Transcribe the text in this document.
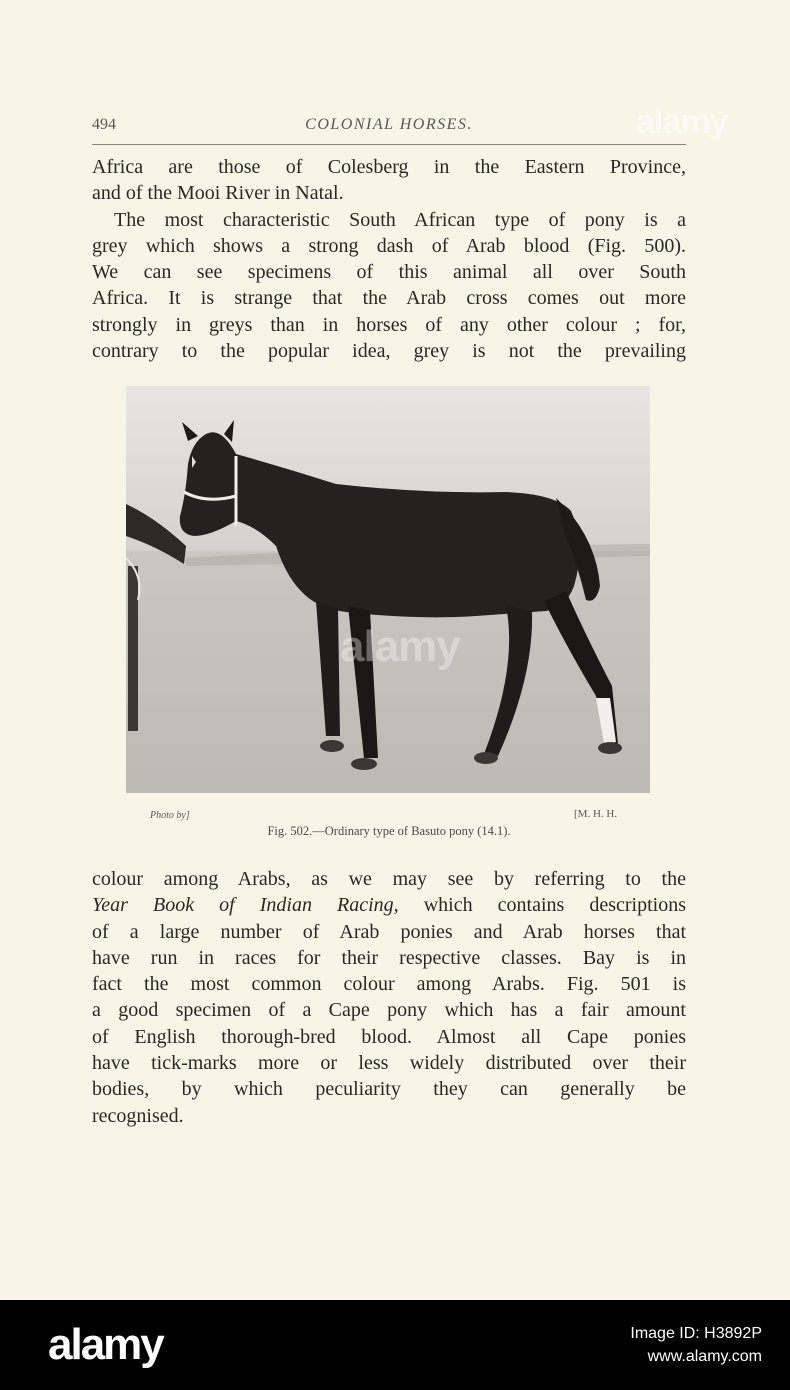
494	COLONIAL HORSES.

Africa are those of Colesberg in the Eastern Province,
and of the Mooi River in Natal.
The most characteristic South African type of pony is a
grey which shows a strong dash of Arab blood (Fig. 500).
We can see specimens of this animal all over South
Africa. It is strange that the Arab cross comes out more
strongly in greys than in horses of any other colour ; for,
contrary to the popular idea, grey is not the prevailing

Photo by]	[M. H. H.
Fig. 502.—Ordinary type of Basuto pony (14.1).

colour among Arabs, as we may see by referring to the
Year Book of Indian Racing, which contains descriptions
of a large number of Arab ponies and Arab horses that
have run in races for their respective classes. Bay is in
fact the most common colour among Arabs. Fig. 501 is
a good specimen of a Cape pony which has a fair amount
of English thorough-bred blood. Almost all Cape ponies
have tick-marks more or less widely distributed over their
bodies, by which peculiarity they can generally be
recognised.

alamy
alamy
alamy	Image ID: H3892P
www.alamy.com
